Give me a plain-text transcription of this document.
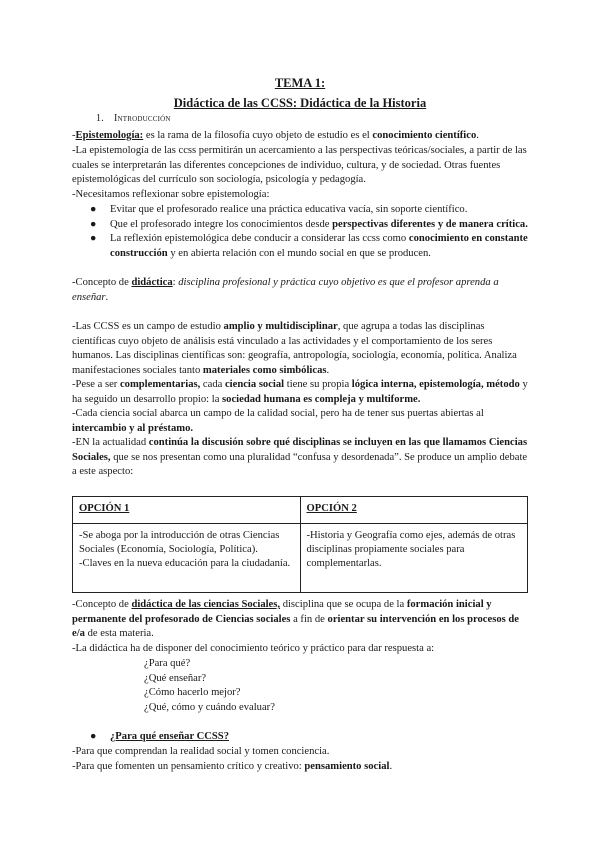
TEMA 1:
Didáctica de las CCSS: Didáctica de la Historia
1. Introducción

-Epistemología: es la rama de la filosofía cuyo objeto de estudio es el conocimiento científico.

-La epistemología de las ccss permitirán un acercamiento a las perspectivas teóricas/sociales, a partir de las cuales se interpretarán las diferentes concepciones de individuo, cultura, y de sociedad. Otras fuentes epistemológicas del currículo son sociología, psicología y pedagogía.

-Necesitamos reflexionar sobre epistemología:

● Evitar que el profesorado realice una práctica educativa vacía, sin soporte científico.
● Que el profesorado integre los conocimientos desde perspectivas diferentes y de manera crítica.
● La reflexión epistemológica debe conducir a considerar las ccss como conocimiento en constante construcción y en abierta relación con el mundo social en que se producen.

-Concepto de didáctica: disciplina profesional y práctica cuyo objetivo es que el profesor aprenda a enseñar.

-Las CCSS es un campo de estudio amplio y multidisciplinar, que agrupa a todas las disciplinas científicas cuyo objeto de análisis está vinculado a las actividades y el comportamiento de los seres humanos. Las disciplinas científicas son: geografía, antropología, sociología, economía, política. Analiza manifestaciones sociales tanto materiales como simbólicas.

-Pese a ser complementarias, cada ciencia social tiene su propia lógica interna, epistemología, método y ha seguido un desarrollo propio: la sociedad humana es compleja y multiforme.

-Cada ciencia social abarca un campo de la calidad social, pero ha de tener sus puertas abiertas al intercambio y al préstamo.

-EN la actualidad continúa la discusión sobre qué disciplinas se incluyen en las que llamamos Ciencias Sociales, que se nos presentan como una pluralidad “confusa y desordenada”. Se produce un amplio debate a este aspecto:

OPCIÓN 1	OPCIÓN 2

-Se aboga por la introducción de otras Ciencias Sociales (Economía, Sociología, Política).
-Claves en la nueva educación para la ciudadanía.	-Historia y Geografía como ejes, además de otras disciplinas propiamente sociales para complementarlas.

-Concepto de didáctica de las ciencias Sociales, disciplina que se ocupa de la formación inicial y permanente del profesorado de Ciencias sociales a fin de orientar su intervención en los procesos de e/a de esta materia.

-La didáctica ha de disponer del conocimiento teórico y práctico para dar respuesta a:

¿Para qué?
¿Qué enseñar?
¿Cómo hacerlo mejor?
¿Qué, cómo y cuándo evaluar?
● ¿Para qué enseñar CCSS?

-Para que comprendan la realidad social y tomen conciencia.

-Para que fomenten un pensamiento crítico y creativo: pensamiento social.
